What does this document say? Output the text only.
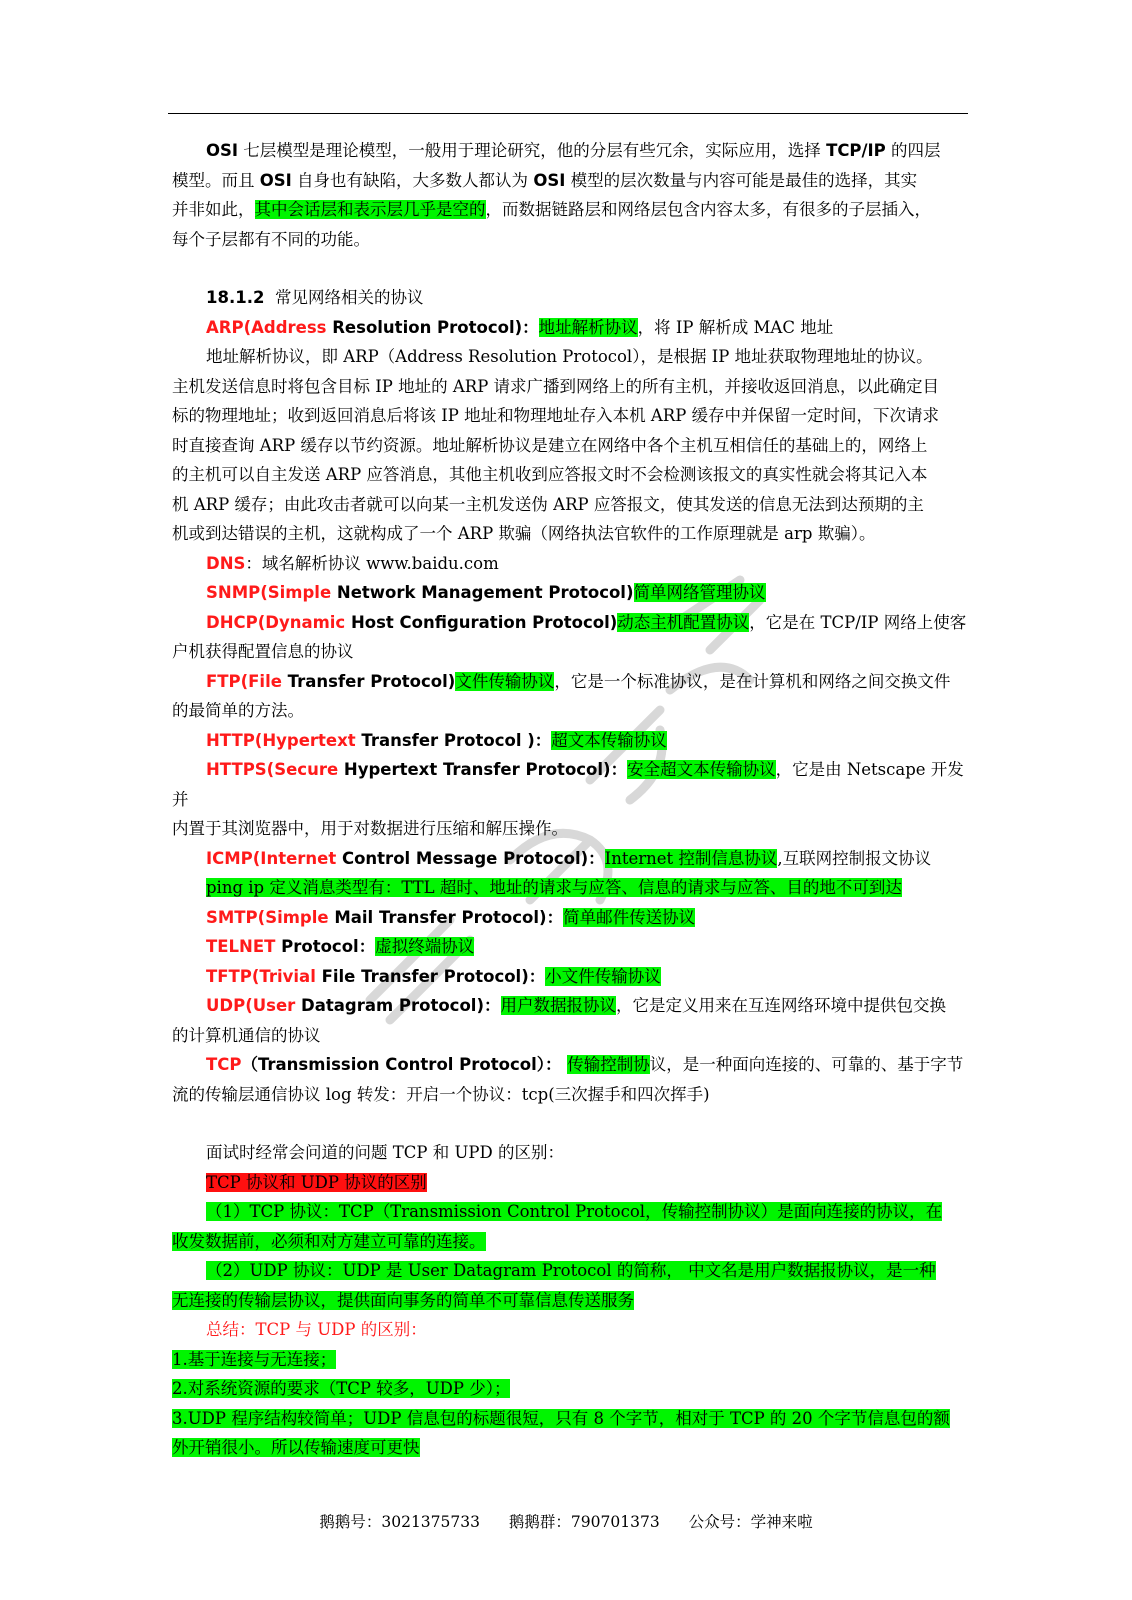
OSI 七层模型是理论模型，一般用于理论研究，他的分层有些冗余，实际应用，选择 TCP/IP 的四层
模型。而且 OSI 自身也有缺陷，大多数人都认为 OSI 模型的层次数量与内容可能是最佳的选择，其实
并非如此，其中会话层和表示层几乎是空的，而数据链路层和网络层包含内容太多，有很多的子层插入，
每个子层都有不同的功能。

18.1.2 常见网络相关的协议

ARP(Address Resolution Protocol)：地址解析协议，将 IP 解析成 MAC 地址

地址解析协议，即 ARP（Address Resolution Protocol），是根据 IP 地址获取物理地址的协议。
主机发送信息时将包含目标 IP 地址的 ARP 请求广播到网络上的所有主机，并接收返回消息，以此确定目
标的物理地址；收到返回消息后将该 IP 地址和物理地址存入本机 ARP 缓存中并保留一定时间，下次请求
时直接查询 ARP 缓存以节约资源。地址解析协议是建立在网络中各个主机互相信任的基础上的，网络上
的主机可以自主发送 ARP 应答消息，其他主机收到应答报文时不会检测该报文的真实性就会将其记入本
机 ARP 缓存；由此攻击者就可以向某一主机发送伪 ARP 应答报文，使其发送的信息无法到达预期的主
机或到达错误的主机，这就构成了一个 ARP 欺骗（网络执法官软件的工作原理就是 arp 欺骗）。

DNS：域名解析协议 www.baidu.com

SNMP(Simple Network Management Protocol)简单网络管理协议

DHCP(Dynamic Host Configuration Protocol)动态主机配置协议，它是在 TCP/IP 网络上使客

户机获得配置信息的协议

FTP(File Transfer Protocol)文件传输协议，它是一个标准协议，是在计算机和网络之间交换文件

的最简单的方法。

HTTP(Hypertext Transfer Protocol )：超文本传输协议

HTTPS(Secure Hypertext Transfer Protocol)：安全超文本传输协议，它是由 Netscape 开发并

内置于其浏览器中，用于对数据进行压缩和解压操作。

ICMP(Internet Control Message Protocol)：Internet 控制信息协议,互联网控制报文协议

ping ip 定义消息类型有：TTL 超时、地址的请求与应答、信息的请求与应答、目的地不可到达

SMTP(Simple Mail Transfer Protocol)：简单邮件传送协议

TELNET Protocol：虚拟终端协议

TFTP(Trivial File Transfer Protocol)：小文件传输协议

UDP(User Datagram Protocol)：用户数据报协议，它是定义用来在互连网络环境中提供包交换

的计算机通信的协议

TCP（Transmission Control Protocol）： 传输控制协议，是一种面向连接的、可靠的、基于字节

流的传输层通信协议 log 转发：开启一个协议：tcp(三次握手和四次挥手)

面试时经常会问道的问题 TCP 和 UPD 的区别：

TCP 协议和 UDP 协议的区别

（1）TCP 协议：TCP（Transmission Control Protocol，传输控制协议）是面向连接的协议，在
收发数据前，必须和对方建立可靠的连接。

（2）UDP 协议：UDP 是 User Datagram Protocol 的简称， 中文名是用户数据报协议，是一种
无连接的传输层协议，提供面向事务的简单不可靠信息传送服务

总结：TCP 与 UDP 的区别：

1.基于连接与无连接；

2.对系统资源的要求（TCP 较多，UDP 少）；

3.UDP 程序结构较简单；UDP 信息包的标题很短，只有 8 个字节，相对于 TCP 的 20 个字节信息包的额
外开销很小。所以传输速度可更快

鹅鹅号：3021375733 鹅鹅群：790701373 公众号：学神来啦
